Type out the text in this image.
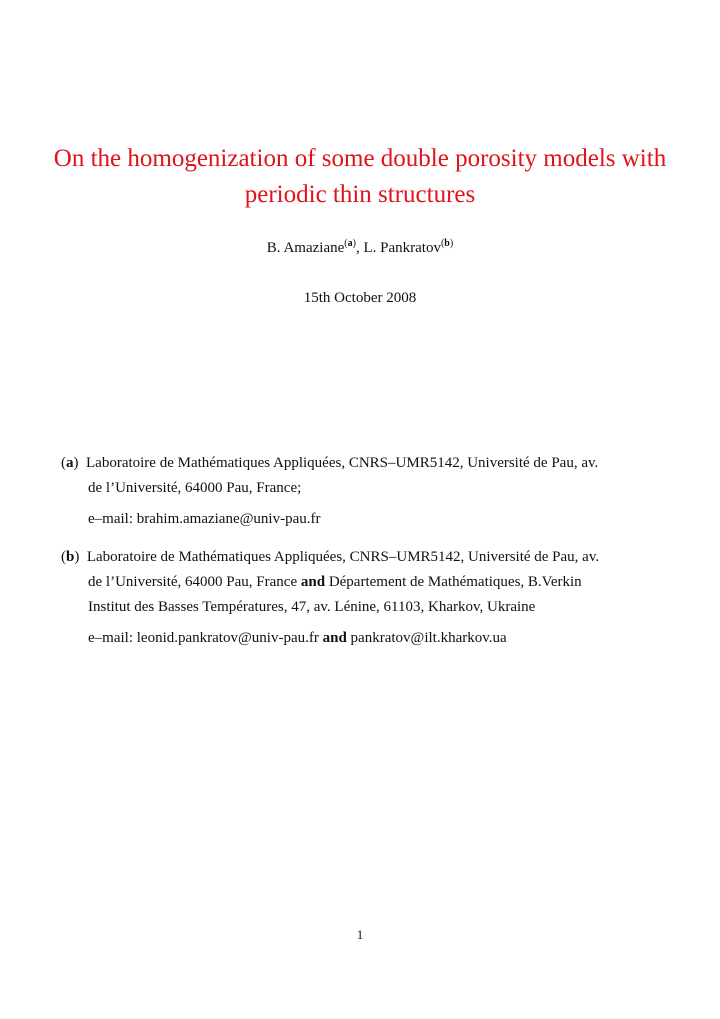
On the homogenization of some double porosity models with
periodic thin structures
B. Amaziane$^{(a)}$, L. Pankratov$^{(b)}$
15th October 2008
(a)  Laboratoire de Mathématiques Appliquées, CNRS–UMR5142, Université de Pau, av.
de l’Université, 64000 Pau, France;
e–mail: brahim.amaziane@univ-pau.fr
(b)  Laboratoire de Mathématiques Appliquées, CNRS–UMR5142, Université de Pau, av.
de l’Université, 64000 Pau, France and Département de Mathématiques, B.Verkin
Institut des Basses Températures, 47, av. Lénine, 61103, Kharkov, Ukraine
e–mail: leonid.pankratov@univ-pau.fr and pankratov@ilt.kharkov.ua
1
